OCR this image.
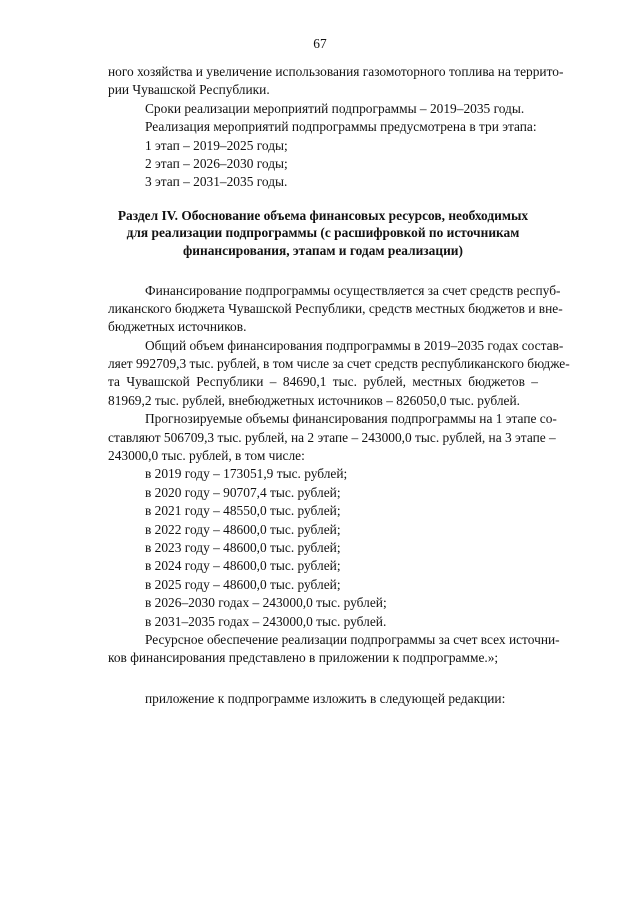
67
ного хозяйства и увеличение использования газомоторного топлива на террито-
рии Чувашской Республики.
Сроки реализации мероприятий подпрограммы – 2019–2035 годы.
Реализация мероприятий подпрограммы предусмотрена в три этапа:
1 этап – 2019–2025 годы;
2 этап – 2026–2030 годы;
3 этап – 2031–2035 годы.
Раздел IV. Обоснование объема финансовых ресурсов, необходимых
для реализации подпрограммы (с расшифровкой по источникам
финансирования, этапам и годам реализации)
Финансирование подпрограммы осуществляется за счет средств респуб-
ликанского бюджета Чувашской Республики, средств местных бюджетов и вне-
бюджетных источников.
Общий объем финансирования подпрограммы в 2019–2035 годах состав-
ляет 992709,3 тыс. рублей, в том числе за счет средств республиканского бюдже-
та Чувашской Республики – 84690,1 тыс. рублей, местных бюджетов –
81969,2 тыс. рублей, внебюджетных источников – 826050,0 тыс. рублей.
Прогнозируемые объемы финансирования подпрограммы на 1 этапе со-
ставляют 506709,3 тыс. рублей, на 2 этапе – 243000,0 тыс. рублей, на 3 этапе –
243000,0 тыс. рублей, в том числе:
в 2019 году – 173051,9 тыс. рублей;
в 2020 году – 90707,4 тыс. рублей;
в 2021 году – 48550,0 тыс. рублей;
в 2022 году – 48600,0 тыс. рублей;
в 2023 году – 48600,0 тыс. рублей;
в 2024 году – 48600,0 тыс. рублей;
в 2025 году – 48600,0 тыс. рублей;
в 2026–2030 годах – 243000,0 тыс. рублей;
в 2031–2035 годах – 243000,0 тыс. рублей.
Ресурсное обеспечение реализации подпрограммы за счет всех источни-
ков финансирования представлено в приложении к подпрограмме.»;
приложение к подпрограмме изложить в следующей редакции:
